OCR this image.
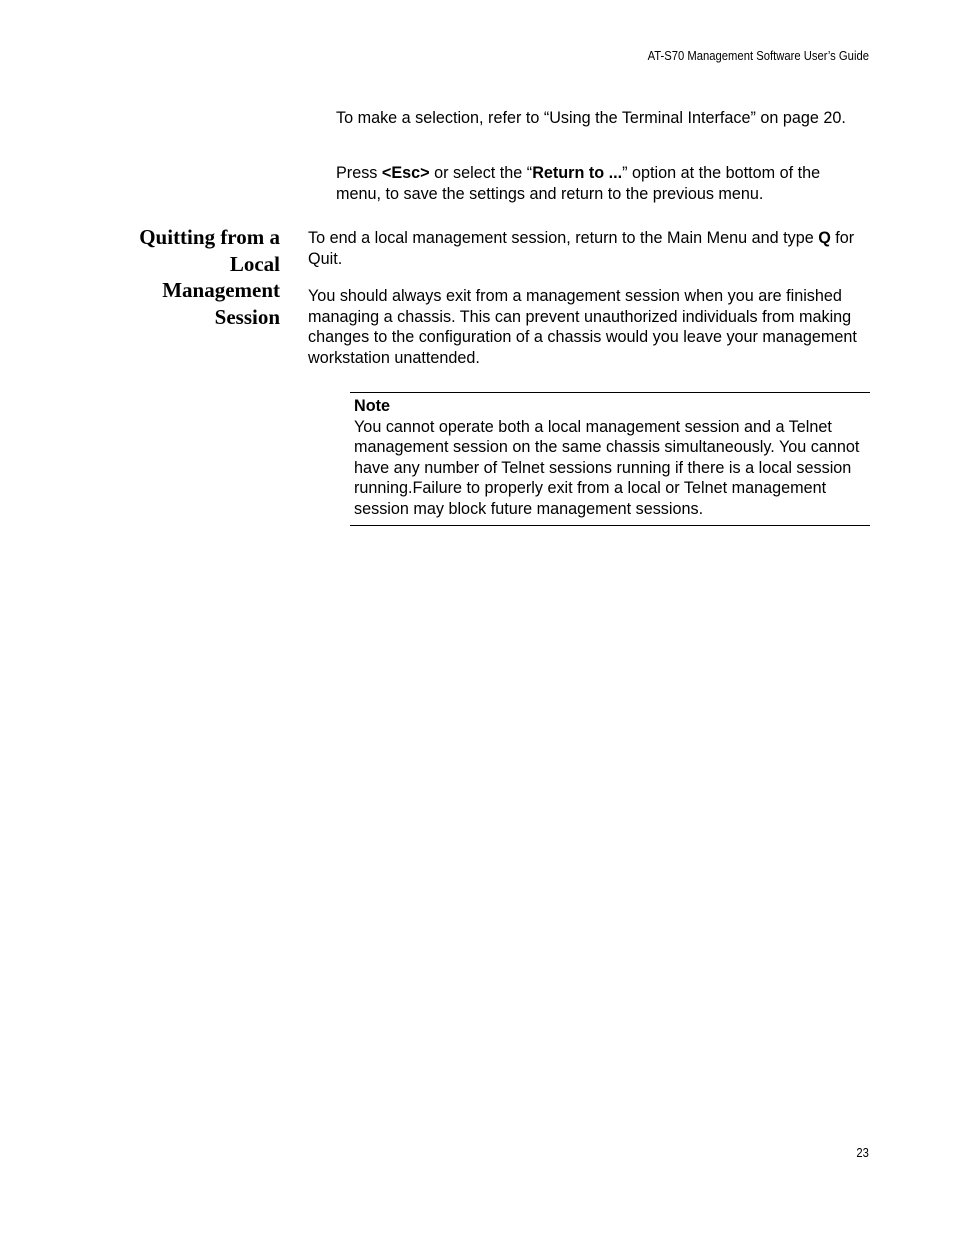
AT-S70 Management Software User’s Guide

To make a selection, refer to “Using the Terminal Interface” on page 20.

Press <Esc> or select the “Return to ...” option at the bottom of the menu, to save the settings and return to the previous menu.

Quitting from a
Local
Management
Session

To end a local management session, return to the Main Menu and type Q for Quit.

You should always exit from a management session when you are finished managing a chassis. This can prevent unauthorized individuals from making changes to the configuration of a chassis would you leave your management workstation unattended.

Note

You cannot operate both a local management session and a Telnet management session on the same chassis simultaneously. You cannot have any number of Telnet sessions running if there is a local session running.Failure to properly exit from a local or Telnet management session may block future management sessions.

23
